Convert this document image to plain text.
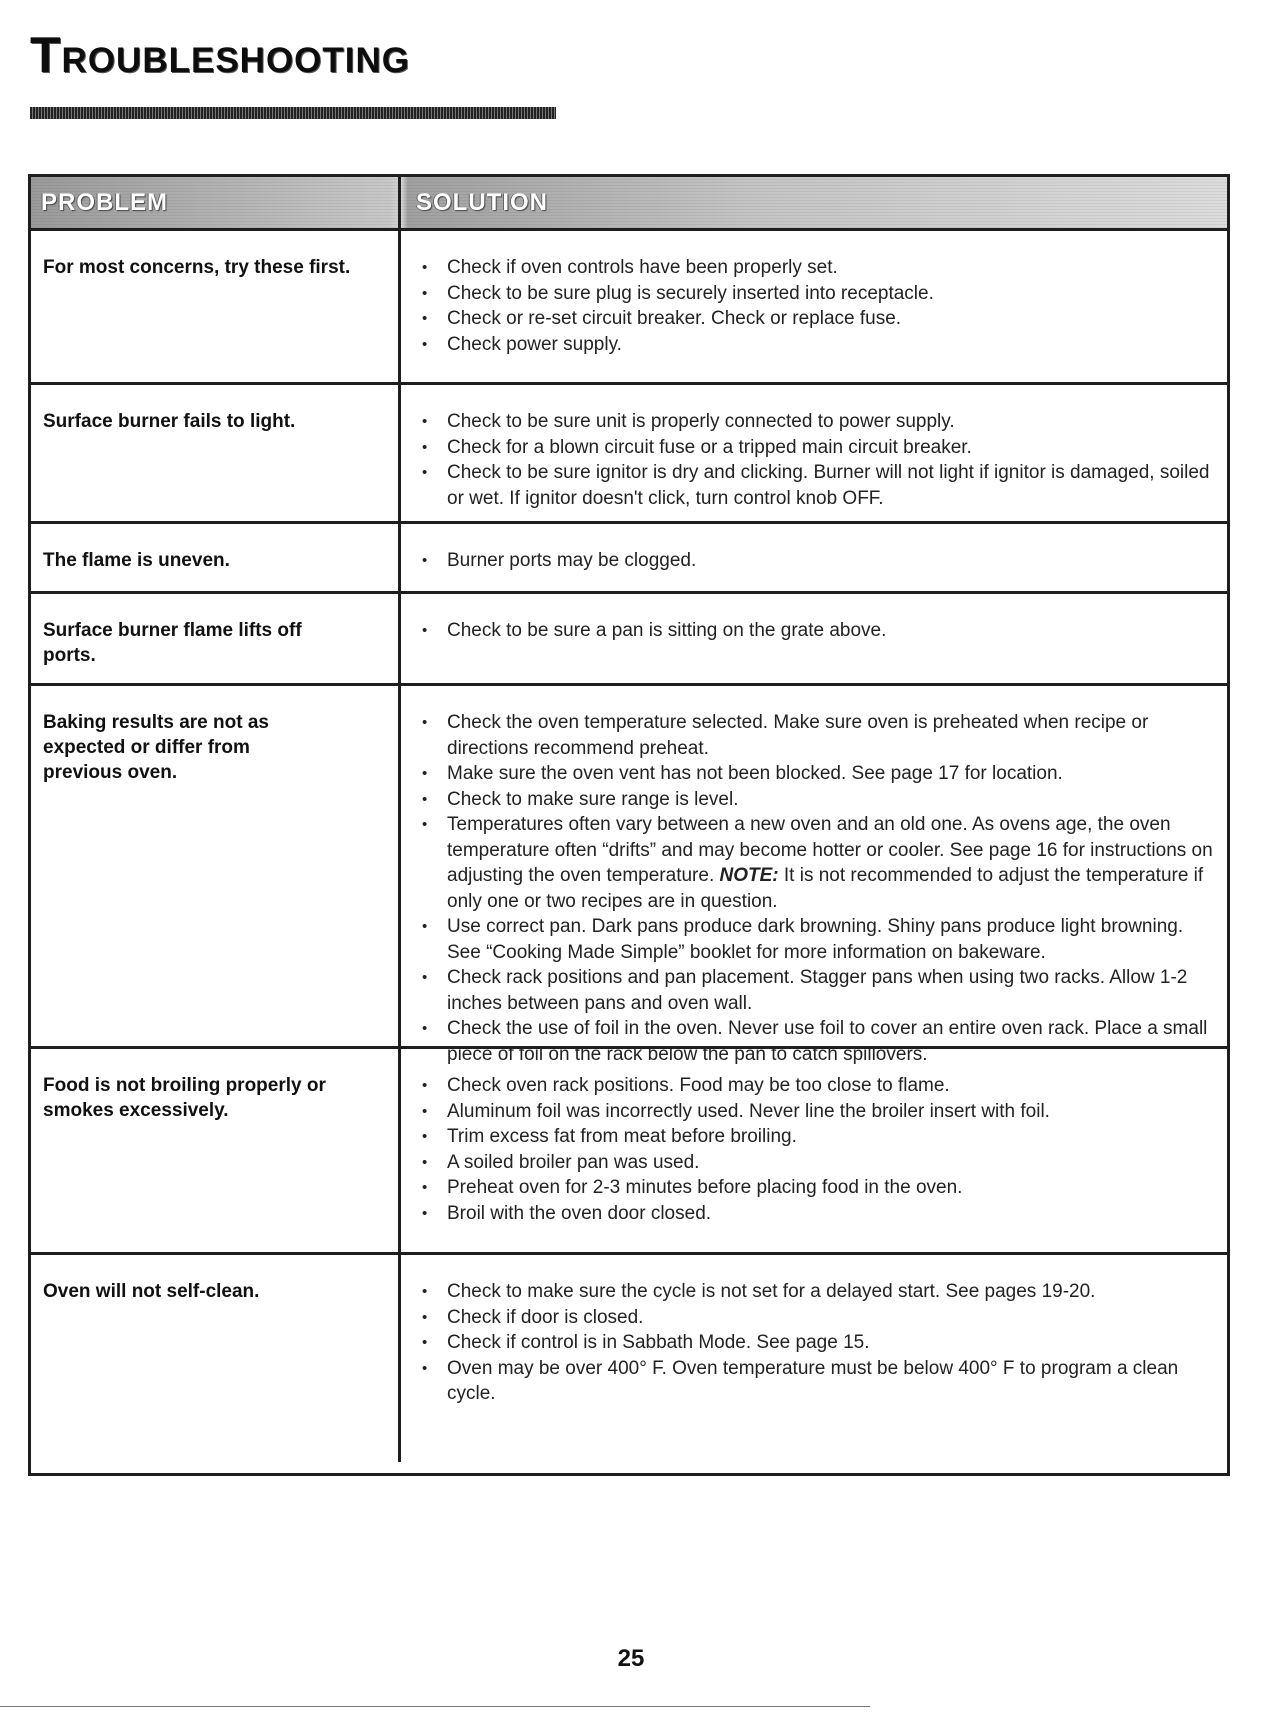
Troubleshooting
PROBLEM	SOLUTION
For most concerns, try these first.	• Check if oven controls have been properly set.
• Check to be sure plug is securely inserted into receptacle.
• Check or re-set circuit breaker. Check or replace fuse.
• Check power supply.
Surface burner fails to light.	• Check to be sure unit is properly connected to power supply.
• Check for a blown circuit fuse or a tripped main circuit breaker.
• Check to be sure ignitor is dry and clicking. Burner will not light if ignitor is damaged, soiled or wet. If ignitor doesn't click, turn control knob OFF.
The flame is uneven.	• Burner ports may be clogged.
Surface burner flame lifts off ports.
• Check to be sure a pan is sitting on the grate above.
Baking results are not as expected or differ from previous oven.
• Check the oven temperature selected. Make sure oven is preheated when recipe or directions recommend preheat.
• Make sure the oven vent has not been blocked. See page 17 for location.
• Check to make sure range is level.
• Temperatures often vary between a new oven and an old one. As ovens age, the oven temperature often “drifts” and may become hotter or cooler. See page 16 for instructions on adjusting the oven temperature. NOTE: It is not recommended to adjust the temperature if only one or two recipes are in question.
• Use correct pan. Dark pans produce dark browning. Shiny pans produce light browning. See “Cooking Made Simple” booklet for more information on bakeware.
• Check rack positions and pan placement. Stagger pans when using two racks. Allow 1-2 inches between pans and oven wall.
• Check the use of foil in the oven. Never use foil to cover an entire oven rack. Place a small piece of foil on the rack below the pan to catch spillovers.
Food is not broiling properly or smokes excessively.
• Check oven rack positions. Food may be too close to flame.
• Aluminum foil was incorrectly used. Never line the broiler insert with foil.
• Trim excess fat from meat before broiling.
• A soiled broiler pan was used.
• Preheat oven for 2-3 minutes before placing food in the oven.
• Broil with the oven door closed.
Oven will not self-clean.	• Check to make sure the cycle is not set for a delayed start. See pages 19-20.
• Check if door is closed.
• Check if control is in Sabbath Mode. See page 15.
• Oven may be over 400° F. Oven temperature must be below 400° F to program a clean cycle.
25
